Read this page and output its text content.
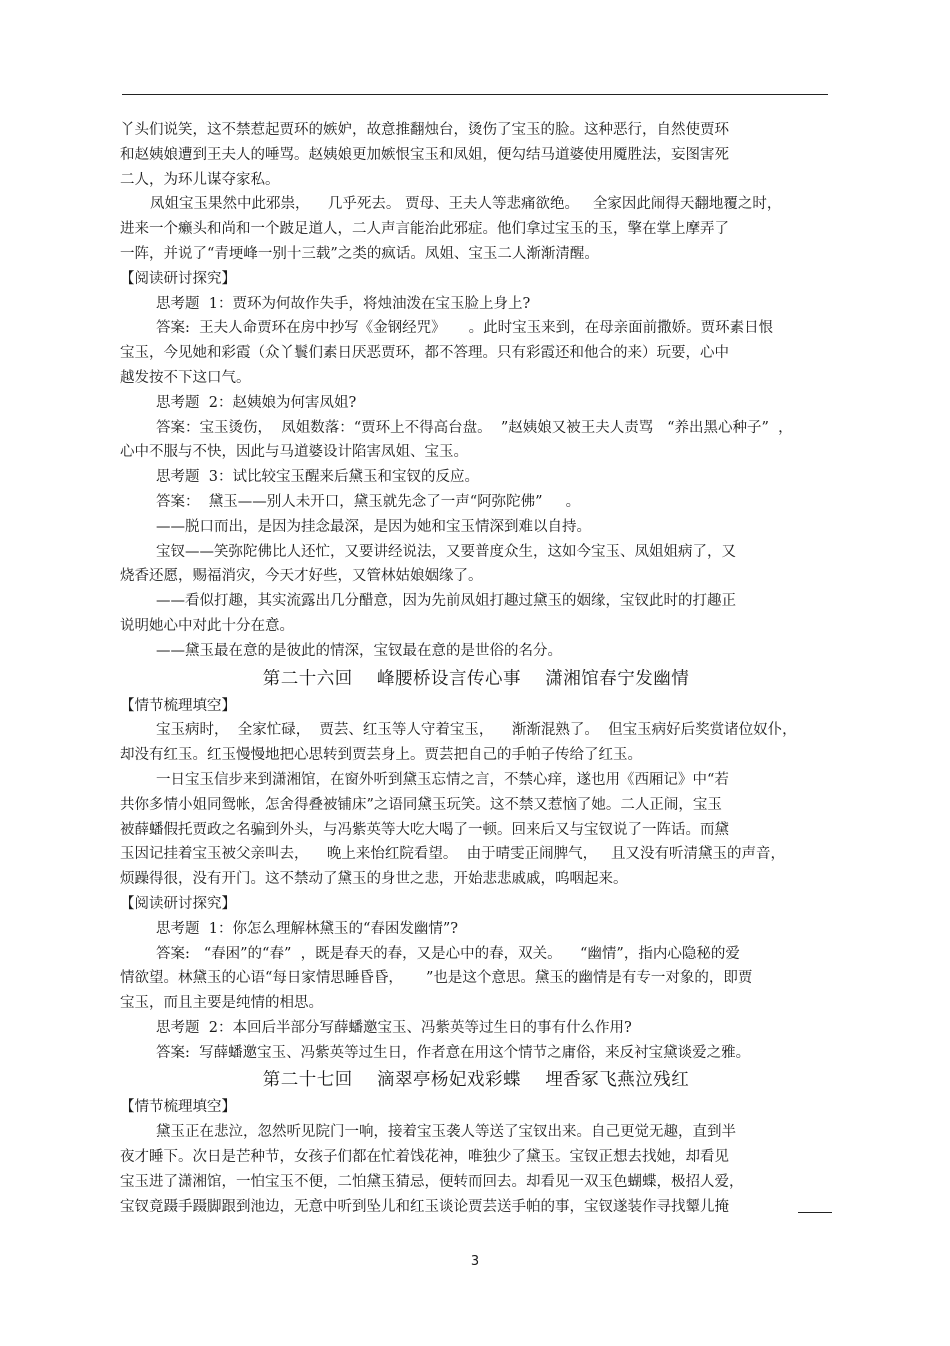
丫头们说笑，这不禁惹起贾环的嫉妒，故意推翻烛台，烫伤了宝玉的脸。这种恶行，自然使贾环
和赵姨娘遭到王夫人的唾骂。赵姨娘更加嫉恨宝玉和凤姐，便勾结马道婆使用魇胜法，妄图害死
二人，为环儿谋夺家私。
凤姐宝玉果然中此邪祟，    几乎死去。 贾母、王夫人等悲痛欲绝。   全家因此闹得天翻地覆之时，
进来一个癞头和尚和一个跛足道人，二人声言能治此邪症。他们拿过宝玉的玉，擎在掌上摩弄了
一阵，并说了“青埂峰一别十三载”之类的疯话。凤姐、宝玉二人渐渐清醒。
【阅读研讨探究】
思考题  1：贾环为何故作失手，将烛油泼在宝玉脸上身上?
答案:  王夫人命贾环在房中抄写《金钢经咒》     。此时宝玉来到，在母亲面前撒娇。贾环素日恨
宝玉，今见她和彩霞（众丫鬟们素日厌恶贾环，都不答理。只有彩霞还和他合的来）玩要，心中
越发按不下这口气。
思考题  2：赵姨娘为何害凤姐?
答案：宝玉烫伤，  凤姐数落：“贾环上不得高台盘。  ”赵姨娘又被王夫人责骂   “养出黑心种子”  ，
心中不服与不快，因此与马道婆设计陷害凤姐、宝玉。
思考题  3：试比较宝玉醒来后黛玉和宝钗的反应。
答案：  黛玉——别人未开口，黛玉就先念了一声“阿弥陀佛”     。
——脱口而出，是因为挂念最深，是因为她和宝玉情深到难以自持。
宝钗——笑弥陀佛比人还忙，又要讲经说法，又要普度众生，这如今宝玉、凤姐姐病了，又
烧香还愿，赐福消灾，今天才好些，又管林姑娘姻缘了。
——看似打趣，其实流露出几分醋意，因为先前凤姐打趣过黛玉的姻缘，宝钗此时的打趣正
说明她心中对此十分在意。
——黛玉最在意的是彼此的情深，宝钗最在意的是世俗的名分。
第二十六回    峰腰桥设言传心事    潇湘馆春宁发幽情
【情节梳理填空】
宝玉病时，  全家忙碌，  贾芸、红玉等人守着宝玉，    渐渐混熟了。  但宝玉病好后奖赏诸位奴仆，
却没有红玉。红玉慢慢地把心思转到贾芸身上。贾芸把自己的手帕子传给了红玉。
一日宝玉信步来到潇湘馆，在窗外听到黛玉忘情之言，不禁心痒，遂也用《西厢记》中“若
共你多情小姐同鸳帐，怎舍得叠被铺床”之语同黛玉玩笑。这不禁又惹恼了她。二人正闹，宝玉
被薛蟠假托贾政之名骗到外头，与冯紫英等大吃大喝了一顿。回来后又与宝钗说了一阵话。而黛
玉因记挂着宝玉被父亲叫去，    晚上来怡红院看望。  由于晴雯正闹脾气，   且又没有听清黛玉的声音，
烦躁得很，没有开门。这不禁动了黛玉的身世之悲，开始悲悲戚戚，呜咽起来。
【阅读研讨探究】
思考题  1：你怎么理解林黛玉的“春困发幽情”?
答案:   “春困”的“春”  ，既是春天的春，又是心中的春，双关。    “幽情”，指内心隐秘的爱
情欲望。林黛玉的心语“每日家情思睡昏昏，     ”也是这个意思。黛玉的幽情是有专一对象的，即贾
宝玉，而且主要是纯情的相思。
思考题  2：本回后半部分写薛蟠邀宝玉、冯紫英等过生日的事有什么作用?
答案:  写薛蟠邀宝玉、冯紫英等过生日，作者意在用这个情节之庸俗，来反衬宝黛谈爱之雅。
第二十七回    滴翠亭杨妃戏彩蝶    埋香冢飞燕泣残红
【情节梳理填空】
黛玉正在悲泣，忽然听见院门一响，接着宝玉袭人等送了宝钗出来。自己更觉无趣，直到半
夜才睡下。次日是芒种节，女孩子们都在忙着饯花神，唯独少了黛玉。宝钗正想去找她，却看见
宝玉进了潇湘馆，一怕宝玉不便，二怕黛玉猜忌，便转而回去。却看见一双玉色蝴蝶，极招人爱，
宝钗竟蹑手蹑脚跟到池边，无意中听到坠儿和红玉谈论贾芸送手帕的事，宝钗遂装作寻找颦儿掩
3
